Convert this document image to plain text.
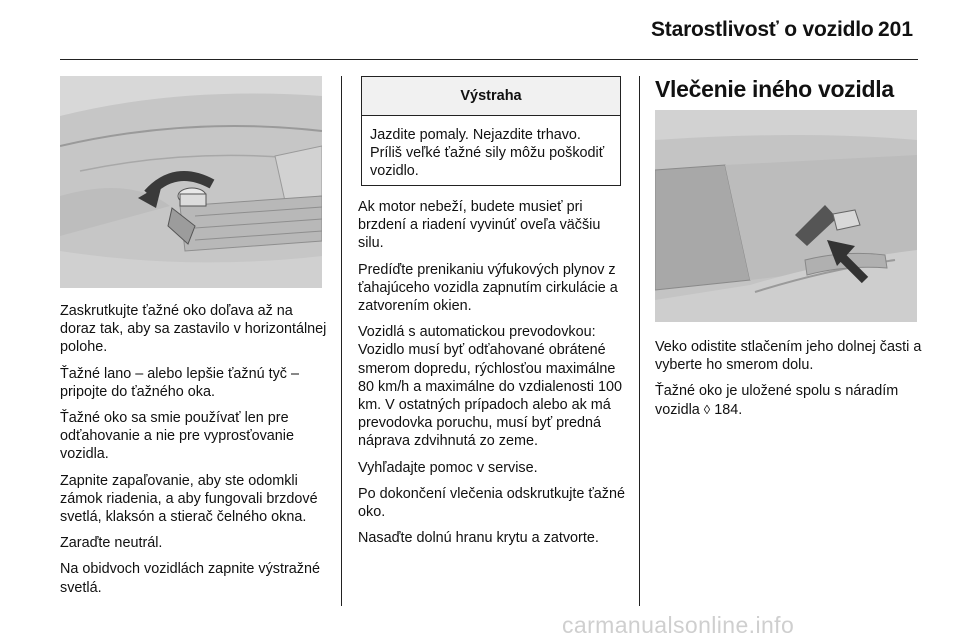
Starostlivosť o vozidlo 201

Zaskrutkujte ťažné oko doľava až na doraz tak, aby sa zastavilo v horizontálnej polohe.

Ťažné lano – alebo lepšie ťažnú tyč – pripojte do ťažného oka.

Ťažné oko sa smie používať len pre odťahovanie a nie pre vyprosťovanie vozidla.

Zapnite zapaľovanie, aby ste odomkli zámok riadenia, a aby fungovali brzdové svetlá, klaksón a stierač čelného okna.

Zaraďte neutrál.

Na obidvoch vozidlách zapnite výstražné svetlá.

Výstraha
Jazdite pomaly. Nejazdite trhavo. Príliš veľké ťažné sily môžu poškodiť vozidlo.

Ak motor nebeží, budete musieť pri brzdení a riadení vyvinúť oveľa väčšiu silu.

Predíďte prenikaniu výfukových plynov z ťahajúceho vozidla zapnutím cirkulácie a zatvorením okien.

Vozidlá s automatickou prevodovkou: Vozidlo musí byť odťahované obrátené smerom dopredu, rýchlosťou maximálne 80 km/h a maximálne do vzdialenosti 100 km. V ostatných prípadoch alebo ak má prevodovka poruchu, musí byť predná náprava zdvihnutá zo zeme.

Vyhľadajte pomoc v servise.

Po dokončení vlečenia odskrutkujte ťažné oko.

Nasaďte dolnú hranu krytu a zatvorte.

Vlečenie iného vozidla

Veko odistite stlačením jeho dolnej časti a vyberte ho smerom dolu.

Ťažné oko je uložené spolu s náradím vozidla ◊ 184.

carmanualsonline.info
